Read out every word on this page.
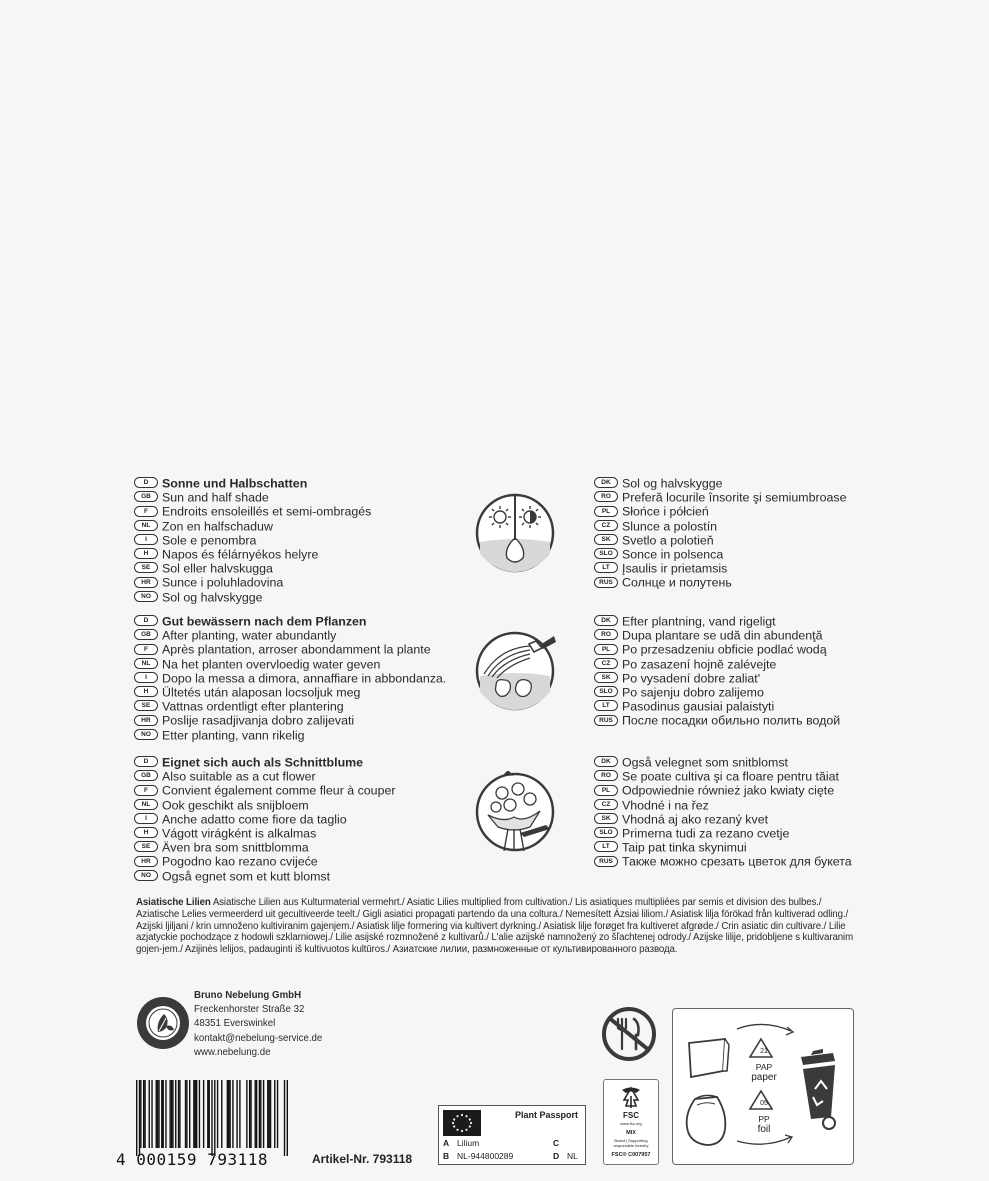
D Sonne und Halbschatten
GB Sun and half shade
F Endroits ensoleillés et semi-ombragés
NL Zon en halfschaduw
I Sole e penombra
H Napos és félárnyékos helyre
SE Sol eller halvskugga
HR Sunce i poluhladovina
NO Sol og halvskygge
DK Sol og halvskygge
RO Preferă locurile însorite şi semiumbroase
PL Słońce i półcień
CZ Slunce a polostín
SK Svetlo a polotieň
SLO Sonce in polsenca
LT Įsaulis ir prietamsis
RUS Солнце и полутень
D Gut bewässern nach dem Pflanzen
GB After planting, water abundantly
F Après plantation, arroser abondamment la plante
NL Na het planten overvloedig water geven
I Dopo la messa a dimora, annaffiare in abbondanza.
H Ültetés után alaposan locsoljuk meg
SE Vattnas ordentligt efter plantering
HR Poslije rasadjivanja dobro zalijevati
NO Etter planting, vann rikelig
DK Efter plantning, vand rigeligt
RO Dupa plantare se udă din abundenţă
PL Po przesadzeniu obficie podlać wodą
CZ Po zasazení hojně zalévejte
SK Po vysadení dobre zaliat'
SLO Po sajenju dobro zalijemo
LT Pasodinus gausiai palaistyti
RUS После посадки обильно полить водой
D Eignet sich auch als Schnittblume
GB Also suitable as a cut flower
F Convient également comme fleur à couper
NL Ook geschikt als snijbloem
I Anche adatto come fiore da taglio
H Vágott virágként is alkalmas
SE Även bra som snittblomma
HR Pogodno kao rezano cvijeće
NO Også egnet som et kutt blomst
DK Også velegnet som snitblomst
RO Se poate cultiva şi ca floare pentru tăiat
PL Odpowiednie również jako kwiaty cięte
CZ Vhodné i na řez
SK Vhodná aj ako rezaný kvet
SLO Primerna tudi za rezano cvetje
LT Taip pat tinka skynimui
RUS Также можно срезать цветок для букета
Asiatische Lilien Asiatische Lilien aus Kulturmaterial vermehrt./ Asiatic Lilies multiplied from cultivation./ Lis asiatiques multipliées par semis et division des bulbes./
Aziatische Lelies vermeerderd uit gecultiveerde teelt./ Gigli asiatici propagati partendo da una coltura./ Nemesített Ázsiai liliom./ Asiatisk lilja förökad från kultiverad odling./
Azijski ljiljani / krin umnoženo kultiviranim gajenjem./ Asiatisk lilje formering via kultivert dyrkning./ Asiatisk lilje forøget fra kultiveret afgrøde./ Crin asiatic din cultivare./ Lilie
azjatyckie pochodzące z hodowli szklarniowej./ Lilie asijské rozmnožené z kultivarů./ L'alie azijské namnožený zo šľachtenej odrody./ Azijske lilije, pridobljene s kultivaranim
gojen-jem./ Azijinės lelijos, padauginti iš kultivuotos kultūros./ Азиатские лилии, размноженные от культивированного развода.
Bruno Nebelung GmbH
Freckenhorster Straße 32
48351 Everswinkel
kontakt@nebelung-service.de
www.nebelung.de
4 000159 793118	Artikel-Nr. 793118
Plant Passport
A Lilium
B NL-944800289
C
D NL
FSC
www.fsc.org
MIX
Board | Supporting responsible forestry
FSC® C007957
21
PAP
paper
05
PP
foil
